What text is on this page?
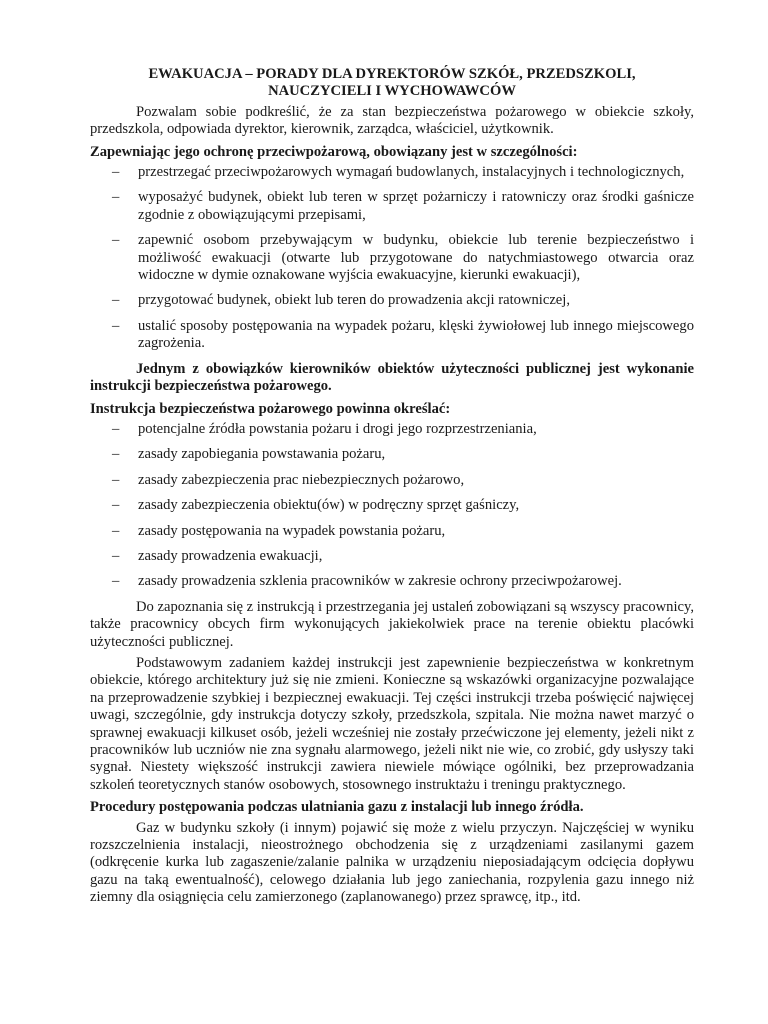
EWAKUACJA – PORADY DLA DYREKTORÓW SZKÓŁ, PRZEDSZKOLI,
NAUCZYCIELI I WYCHOWAWCÓW

Pozwalam sobie podkreślić, że za stan bezpieczeństwa pożarowego w obiekcie szkoły, przedszkola, odpowiada dyrektor, kierownik, zarządca, właściciel, użytkownik.

Zapewniając jego ochronę przeciwpożarową, obowiązany jest w szczególności:

– przestrzegać przeciwpożarowych wymagań budowlanych, instalacyjnych i technologicznych,
– wyposażyć budynek, obiekt lub teren w sprzęt pożarniczy i ratowniczy oraz środki gaśnicze zgodnie z obowiązującymi przepisami,
– zapewnić osobom przebywającym w budynku, obiekcie lub terenie bezpieczeństwo i możliwość ewakuacji (otwarte lub przygotowane do natychmiastowego otwarcia oraz widoczne w dymie oznakowane wyjścia ewakuacyjne, kierunki ewakuacji),
– przygotować budynek, obiekt lub teren do prowadzenia akcji ratowniczej,
– ustalić sposoby postępowania na wypadek pożaru, klęski żywiołowej lub innego miejscowego zagrożenia.

Jednym z obowiązków kierowników obiektów użyteczności publicznej jest wykonanie instrukcji bezpieczeństwa pożarowego.

Instrukcja bezpieczeństwa pożarowego powinna określać:

– potencjalne źródła powstania pożaru i drogi jego rozprzestrzeniania,
– zasady zapobiegania powstawania pożaru,
– zasady zabezpieczenia prac niebezpiecznych pożarowo,
– zasady zabezpieczenia obiektu(ów) w podręczny sprzęt gaśniczy,
– zasady postępowania na wypadek powstania pożaru,
– zasady prowadzenia ewakuacji,
– zasady prowadzenia szklenia pracowników w zakresie ochrony przeciwpożarowej.

Do zapoznania się z instrukcją i przestrzegania jej ustaleń zobowiązani są wszyscy pracownicy, także pracownicy obcych firm wykonujących jakiekolwiek prace na terenie obiektu placówki użyteczności publicznej.

Podstawowym zadaniem każdej instrukcji jest zapewnienie bezpieczeństwa w konkretnym obiekcie, którego architektury już się nie zmieni. Konieczne są wskazówki organizacyjne pozwalające na przeprowadzenie szybkiej i bezpiecznej ewakuacji. Tej części instrukcji trzeba poświęcić najwięcej uwagi, szczególnie, gdy instrukcja dotyczy szkoły, przedszkola, szpitala. Nie można nawet marzyć o sprawnej ewakuacji kilkuset osób, jeżeli wcześniej nie zostały przećwiczone jej elementy, jeżeli nikt z pracowników lub uczniów nie zna sygnału alarmowego, jeżeli nikt nie wie, co zrobić, gdy usłyszy taki sygnał. Niestety większość instrukcji zawiera niewiele mówiące ogólniki, bez przeprowadzania szkoleń teoretycznych stanów osobowych, stosownego instruktażu i treningu praktycznego.

Procedury postępowania podczas ulatniania gazu z instalacji lub innego źródła.

Gaz w budynku szkoły (i innym) pojawić się może z wielu przyczyn. Najczęściej w wyniku rozszczelnienia instalacji, nieostrożnego obchodzenia się z urządzeniami zasilanymi gazem (odkręcenie kurka lub zagaszenie/zalanie palnika w urządzeniu nieposiadającym odcięcia dopływu gazu na taką ewentualność), celowego działania lub jego zaniechania, rozpylenia gazu innego niż ziemny dla osiągnięcia celu zamierzonego (zaplanowanego) przez sprawcę, itp., itd.
